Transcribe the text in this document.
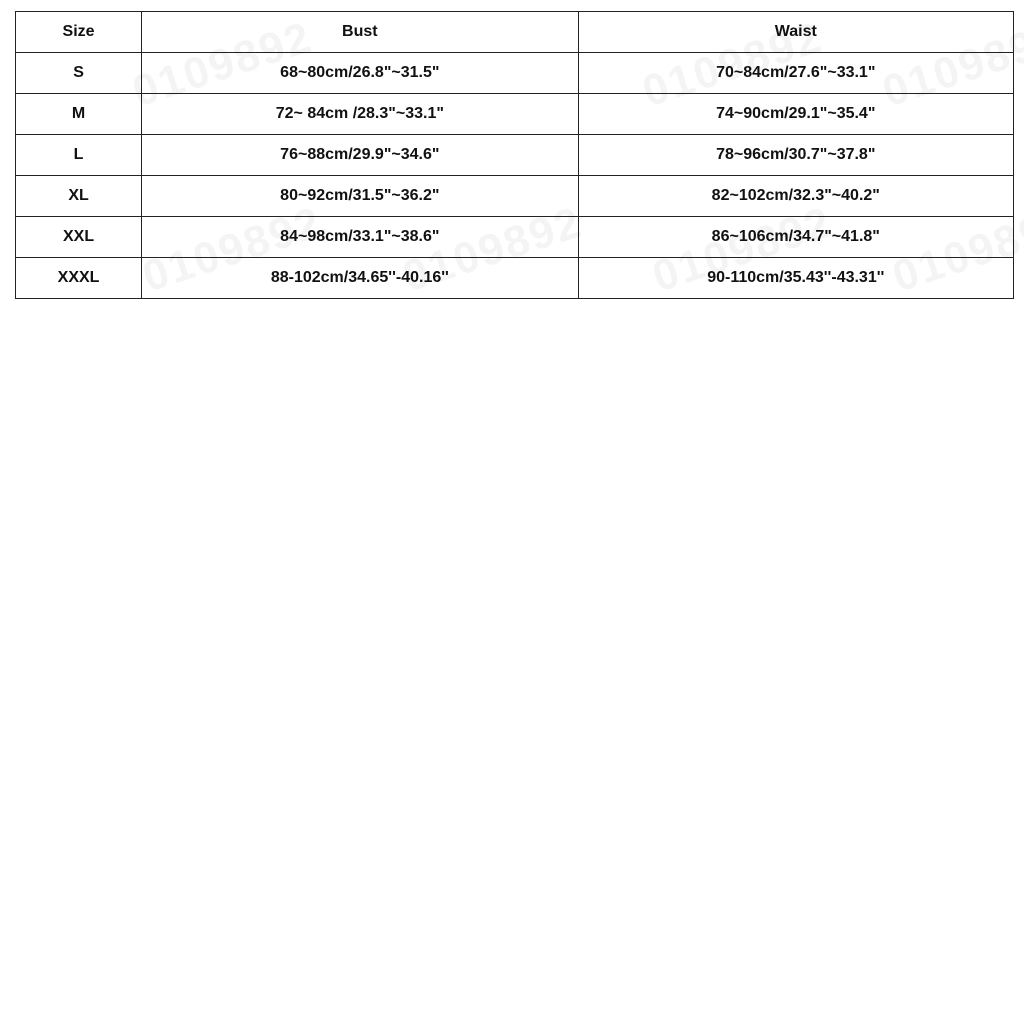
Size	Bust	Waist
S	68~80cm/26.8"~31.5"	70~84cm/27.6"~33.1"
M	72~ 84cm /28.3"~33.1"	74~90cm/29.1"~35.4"
L	76~88cm/29.9"~34.6"	78~96cm/30.7"~37.8"
XL	80~92cm/31.5"~36.2"	82~102cm/32.3"~40.2"
XXL	84~98cm/33.1"~38.6"	86~106cm/34.7"~41.8"
XXXL	88-102cm/34.65''-40.16''	90-110cm/35.43''-43.31''
